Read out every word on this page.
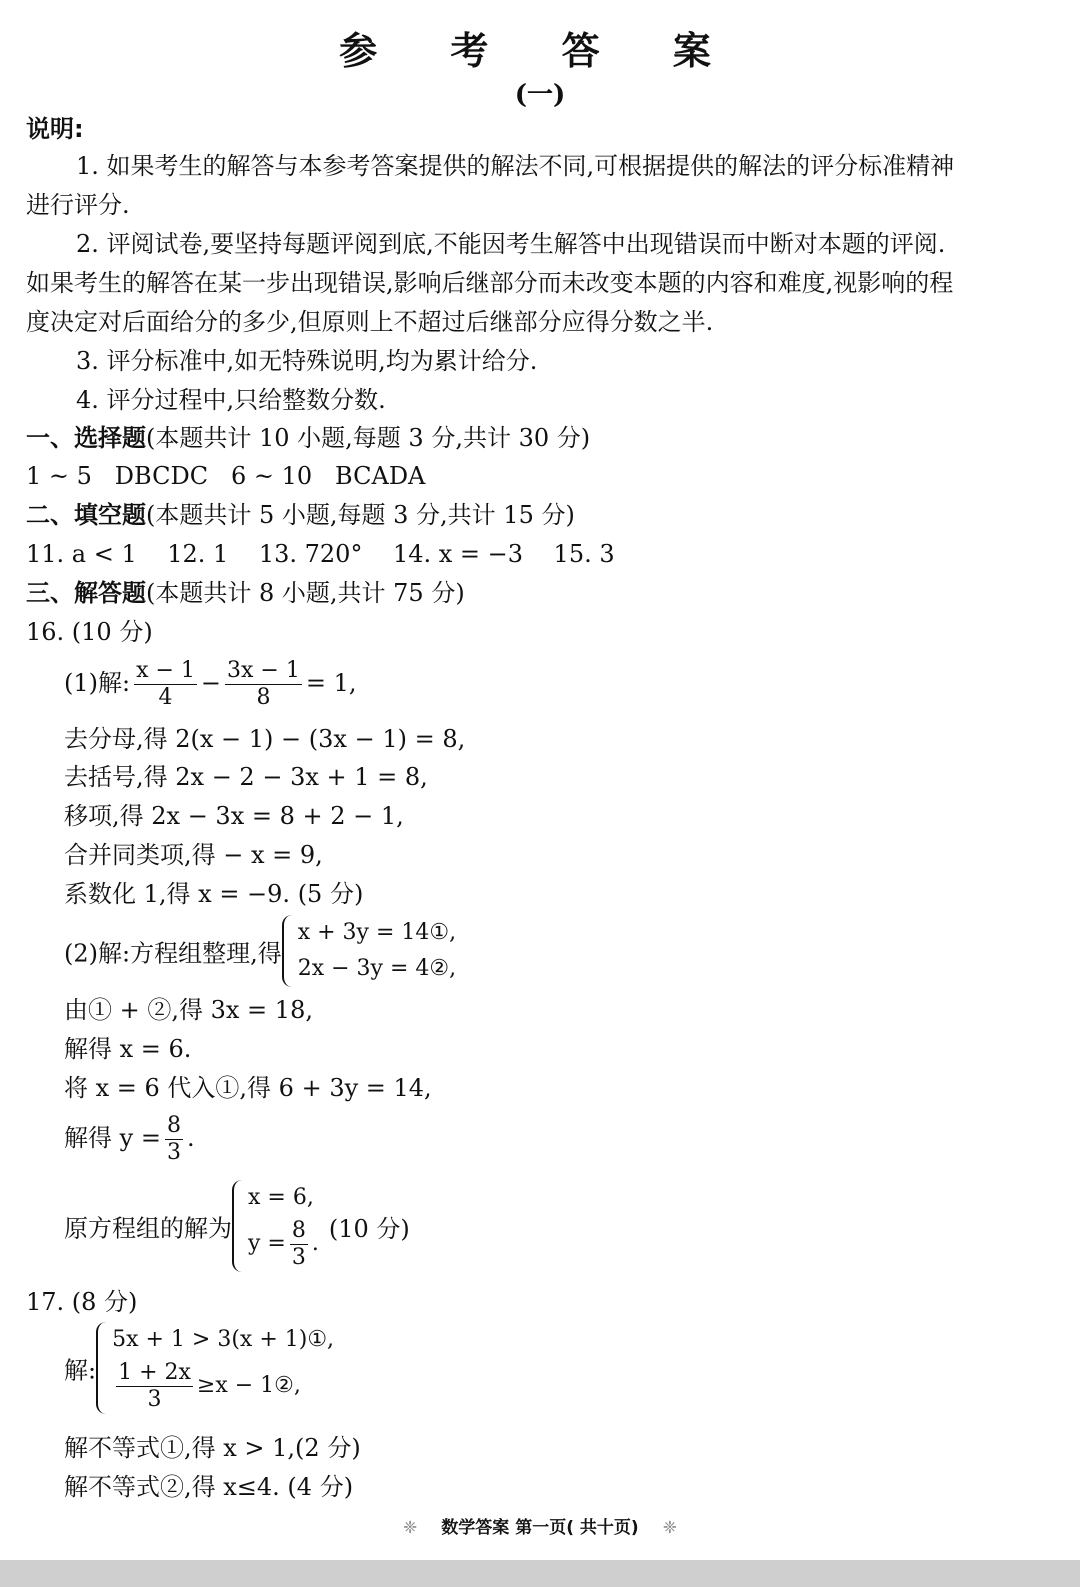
参 考 答 案
(一)
说明:
1. 如果考生的解答与本参考答案提供的解法不同,可根据提供的解法的评分标准精神
进行评分.
2. 评阅试卷,要坚持每题评阅到底,不能因考生解答中出现错误而中断对本题的评阅.
如果考生的解答在某一步出现错误,影响后继部分而未改变本题的内容和难度,视影响的程
度决定对后面给分的多少,但原则上不超过后继部分应得分数之半.
3. 评分标准中,如无特殊说明,均为累计给分.
4. 评分过程中,只给整数分数.
一、选择题(本题共计 10 小题,每题 3 分,共计 30 分)
1 ~ 5   DBCDC   6 ~ 10   BCADA
二、填空题(本题共计 5 小题,每题 3 分,共计 15 分)
11. a < 1    12. 1    13. 720°    14. x = −3    15. 3
三、解答题(本题共计 8 小题,共计 75 分)
16. (10 分)
(1)解: $\frac{x - 1}{4} - \frac{3x - 1}{8} = 1$,
去分母,得 2(x − 1) − (3x − 1) = 8,
去括号,得 2x − 2 − 3x + 1 = 8,
移项,得 2x − 3x = 8 + 2 − 1,
合并同类项,得 − x = 9,
系数化 1,得 x = −9. (5 分)
(2)解:方程组整理,得
x + 3y = 14①,
2x − 3y = 4②,
由① + ②,得 3x = 18,
解得 x = 6.
将 x = 6 代入①,得 6 + 3y = 14,
解得 $y = \frac{8}{3}$ .
原方程组的解为
x = 6,
$y = \frac{8}{3}$ .
(10 分)
17. (8 分)
解:
5x + 1 > 3(x + 1)①,
$\frac{1 + 2x}{3} \ge x$ − 1②,
解不等式①,得 x > 1,(2 分)
解不等式②,得 x≤4. (4 分)
❈ 数学答案 第一页( 共十页) ❈
